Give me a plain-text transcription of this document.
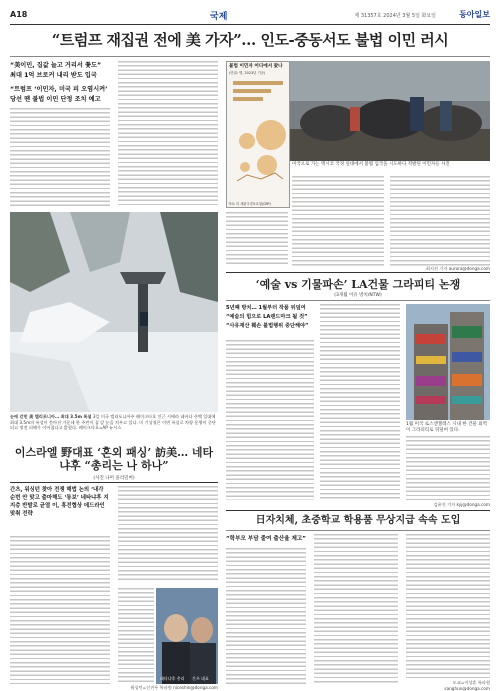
A18	국제	제 31357호 2024년 3월 5일 화요일	동아일보
“트럼프 재집권 전에 美 가자”… 인도-중동서도 불법 이민 러시
“美이민, 집값 늘고 거리서 쫓도”
최대 1억 브로커 내리 받도 입국
“트럼프 ‘이민자, 미국 피 오염시켜’
당선 땐 불법 이민 단정 조치 예고
불법 이민자 어디에서 왔나
(단위: 명, 2023년 기준)
자료: 미 세관국경보호청(CBP)
미국으로 가는 멕시코 국경 일대에서 불법 입국을 시도하다 적발된 이민자들 사진
최지선 기자 aurora@donga.com
눈에 갇힌 美 캘리포니아… 최대 3.5m 폭설 3일 미국 캘리포니아주 레이크타호 인근 시에라 네바다 산맥 일대에 최대 3.5m의 폭설이 쏟아진 가운데 한 주민이 집 앞 눈을 치우고 있다. 미 기상청은 이번 폭설로 차량 운행이 중단되고 정전 피해가 이어졌다고 밝혔다. 레이크타호=AP 뉴시스
이스라엘 野대표 ‘혼외 패싱’ 訪美… 네타냐후 “총리는 나 하나”
(사진 나머 올리밀버)
간츠, 워싱턴 찾아 전쟁 해법 논의 ‘내각 순번 안 맞고 출마해도 ‘통보’ 네타냐후 지지층 반발로 균열 이, 휴전협상 데드라인 맞춰 전략
네타냐후 총리 간츠 대표
워싱턴=신진우 특파원 niceshin@donga.com
‘예술 vs 기물파손’ LA건물 그라피티 논쟁
(3개월 이유 방치/NTW)
5년째 방치… 1월부터 작품 뒤덮여
“예술의 힘으로 LA랜드마크 될 것”
“사유재산 훼손 불법행위 중단해야”
1월 미국 로스앤젤레스 시내 한 건물 외벽이 그라피티로 뒤덮여 있다.
김윤진 기자 kyj@donga.com
日자치체, 초중학교 학용품 무상지급 속속 도입
“학부모 부담 줄여 출산율 제고”
도쿄=이상훈 특파원 sanghun@donga.com
